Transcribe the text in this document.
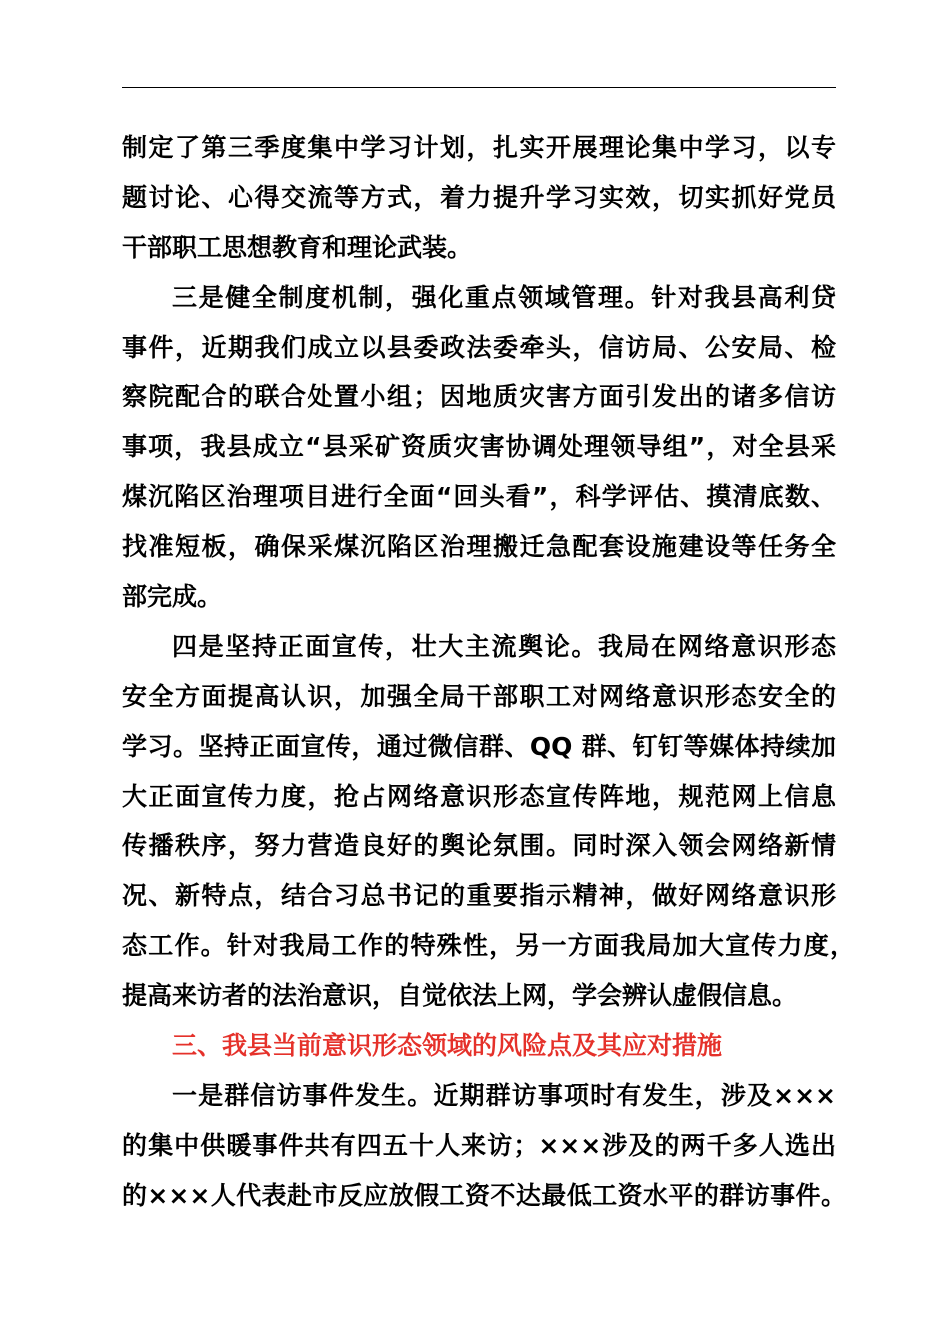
制定了第三季度集中学习计划，扎实开展理论集中学习，以专
题讨论、心得交流等方式，着力提升学习实效，切实抓好党员
干部职工思想教育和理论武装。
三是健全制度机制，强化重点领域管理。针对我县高利贷
事件，近期我们成立以县委政法委牵头，信访局、公安局、检
察院配合的联合处置小组；因地质灾害方面引发出的诸多信访
事项，我县成立“县采矿资质灾害协调处理领导组”，对全县采
煤沉陷区治理项目进行全面“回头看”，科学评估、摸清底数、
找准短板，确保采煤沉陷区治理搬迁急配套设施建设等任务全
部完成。
四是坚持正面宣传，壮大主流舆论。我局在网络意识形态
安全方面提高认识，加强全局干部职工对网络意识形态安全的
学习。坚持正面宣传，通过微信群、QQ 群、钉钉等媒体持续加
大正面宣传力度，抢占网络意识形态宣传阵地，规范网上信息
传播秩序，努力营造良好的舆论氛围。同时深入领会网络新情
况、新特点，结合习总书记的重要指示精神，做好网络意识形
态工作。针对我局工作的特殊性，另一方面我局加大宣传力度，
提高来访者的法治意识，自觉依法上网，学会辨认虚假信息。
三、我县当前意识形态领域的风险点及其应对措施
一是群信访事件发生。近期群访事项时有发生，涉及×××
的集中供暖事件共有四五十人来访；×××涉及的两千多人选出
的×××人代表赴市反应放假工资不达最低工资水平的群访事件。
